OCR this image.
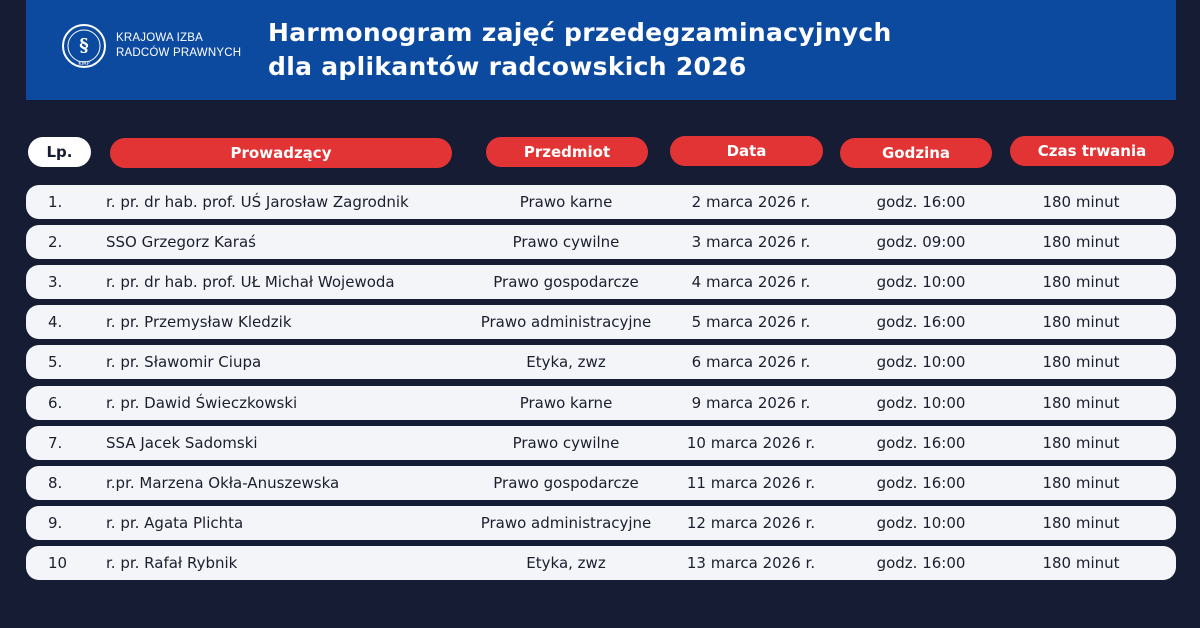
§
KIRP
KRAJOWA IZBA
RADCÓW PRAWNYCH
Harmonogram zajęć przedegzaminacyjnych
dla aplikantów radcowskich 2026
Lp.	Prowadzący	Przedmiot	Data	Godzina	Czas trwania
1.	r. pr. dr hab. prof. UŚ Jarosław Zagrodnik	Prawo karne	2 marca 2026 r.	godz. 16:00	180 minut
2.	SSO Grzegorz Karaś	Prawo cywilne	3 marca 2026 r.	godz. 09:00	180 minut
3.	r. pr. dr hab. prof. UŁ Michał Wojewoda	Prawo gospodarcze	4 marca 2026 r.	godz. 10:00	180 minut
4.	r. pr. Przemysław Kledzik	Prawo administracyjne	5 marca 2026 r.	godz. 16:00	180 minut
5.	r. pr. Sławomir Ciupa	Etyka, zwz	6 marca 2026 r.	godz. 10:00	180 minut
6.	r. pr. Dawid Świeczkowski	Prawo karne	9 marca 2026 r.	godz. 10:00	180 minut
7.	SSA Jacek Sadomski	Prawo cywilne	10 marca 2026 r.	godz. 16:00	180 minut
8.	r.pr. Marzena Okła-Anuszewska	Prawo gospodarcze	11 marca 2026 r.	godz. 16:00	180 minut
9.	r. pr. Agata Plichta	Prawo administracyjne	12 marca 2026 r.	godz. 10:00	180 minut
10	r. pr. Rafał Rybnik	Etyka, zwz	13 marca 2026 r.	godz. 16:00	180 minut
